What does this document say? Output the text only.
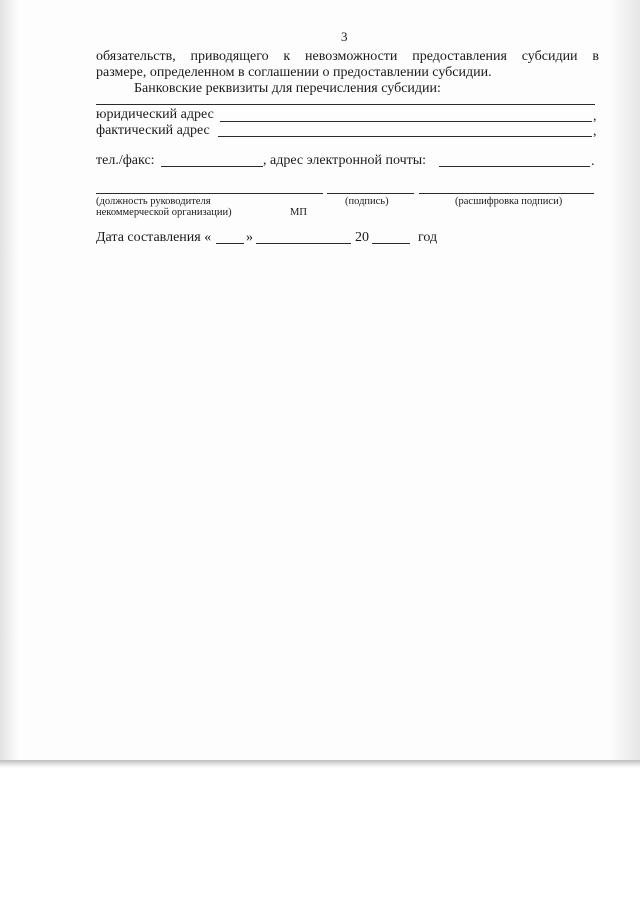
3
обязательств, приводящего к невозможности предоставления субсидии в
размере, определенном в соглашении о предоставлении субсидии.
Банковские реквизиты для перечисления субсидии:
юридический адрес	,
фактический адрес	,
тел./факс:	, адрес электронной почты:	.
(должность руководителя
некоммерческой организации)	МП
(подпись)	(расшифровка подписи)
Дата составления « »	20	год
